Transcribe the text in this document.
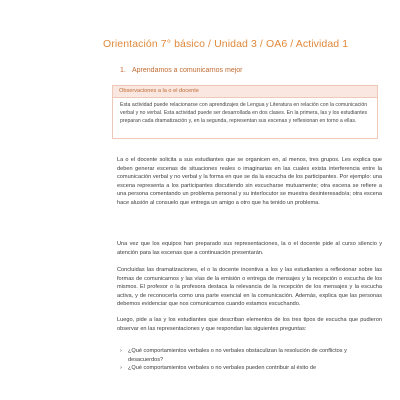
Orientación 7° básico / Unidad 3 / OA6 / Actividad 1
1. Aprendamos a comunicarnos mejor
Observaciones a la o el docente
Esta actividad puede relacionarse con aprendizajes de Lengua y Literatura en relación con la comunicación verbal y no verbal. Esta actividad puede ser desarrollada en dos clases. En la primera, las y los estudiantes preparan cada dramatización y, en la segunda, representan sus escenas y reflexionan en torno a ellas.

La o el docente solicita a sus estudiantes que se organicen en, al menos, tres grupos. Les explica que deben generar escenas de situaciones reales o imaginarias en las cuales exista interferencia entre la comunicación verbal y no verbal y la forma en que se da la escucha de los participantes. Por ejemplo: una escena representa a los participantes discutiendo sin escucharse mutuamente; otra escena se refiere a una persona comentando un problema personal y su interlocutor se muestra desinteresado/a; otra escena hace alusión al consuelo que entrega un amigo a otro que ha tenido un problema.

Una vez que los equipos han preparado sus representaciones, la o el docente pide al curso silencio y atención para las escenas que a continuación presentarán.

Concluidas las dramatizaciones, el o la docente incentiva a los y las estudiantes a reflexionar sobre las formas de comunicarnos y las vías de la emisión o entrega de mensajes y la recepción o escucha de los mismos. El profesor o la profesora destaca la relevancia de la recepción de los mensajes y la escucha activa, y de reconocerla como una parte esencial en la comunicación. Además, explica que las personas debemos evidenciar que nos comunicamos cuando estamos escuchando.

Luego, pide a las y los estudiantes que describan elementos de los tres tipos de escucha que pudieron observar en las representaciones y que respondan las siguientes preguntas:

›	¿Qué comportamientos verbales o no verbales obstaculizan la resolución de conflictos y desacuerdos?
›	¿Qué comportamientos verbales o no verbales pueden contribuir al éxito de
